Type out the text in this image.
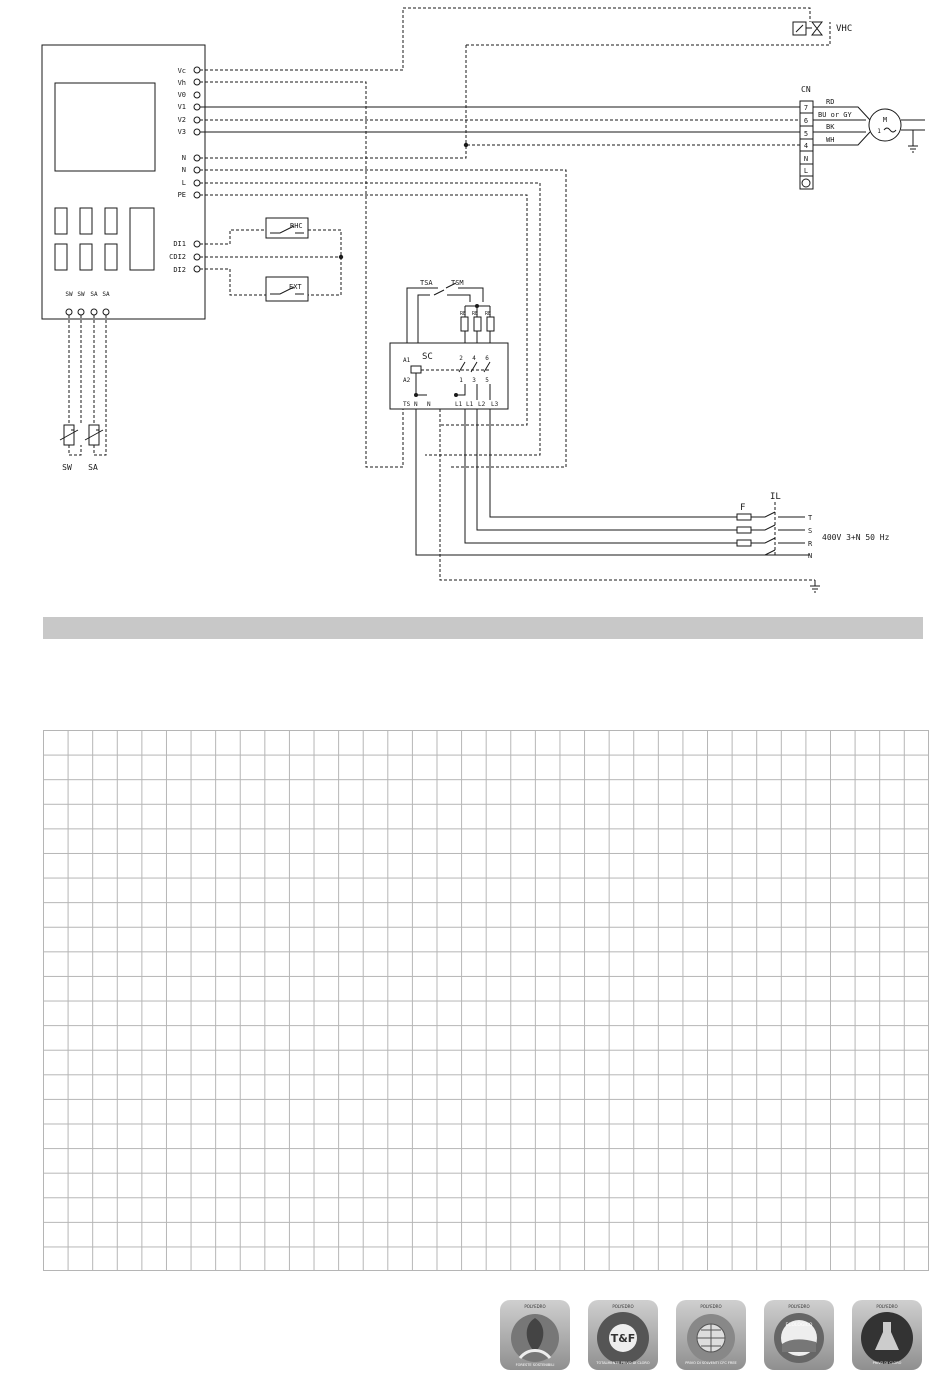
Vc
Vh
V0
V1
V2
V3
N
N
L
PE
DI1
CDI2
DI2
SW SW SA SA
SW SA
VHC
CN
7
6
5
4
N
L
RD
BU or GY
BK
WH
M
1
RHC
EXT	TSA	TSM
RE RE RE
SC
A1
A2
2 4 6
1 3 5
TS N N	L1 L1 L2 L3
F
IL
T
S
R
N
400V 3+N 50 Hz
POLYEDRO
FORESTE SOSTENIBILI
POLYEDRO
T&F
TOTALMENTE PRIVO DI CLORO
POLYEDRO
PRIVO DI SOLVENTI CFC FREE
POLYEDRO
ECOLOGICO
POLYEDRO
PRIVO DI CLORO
